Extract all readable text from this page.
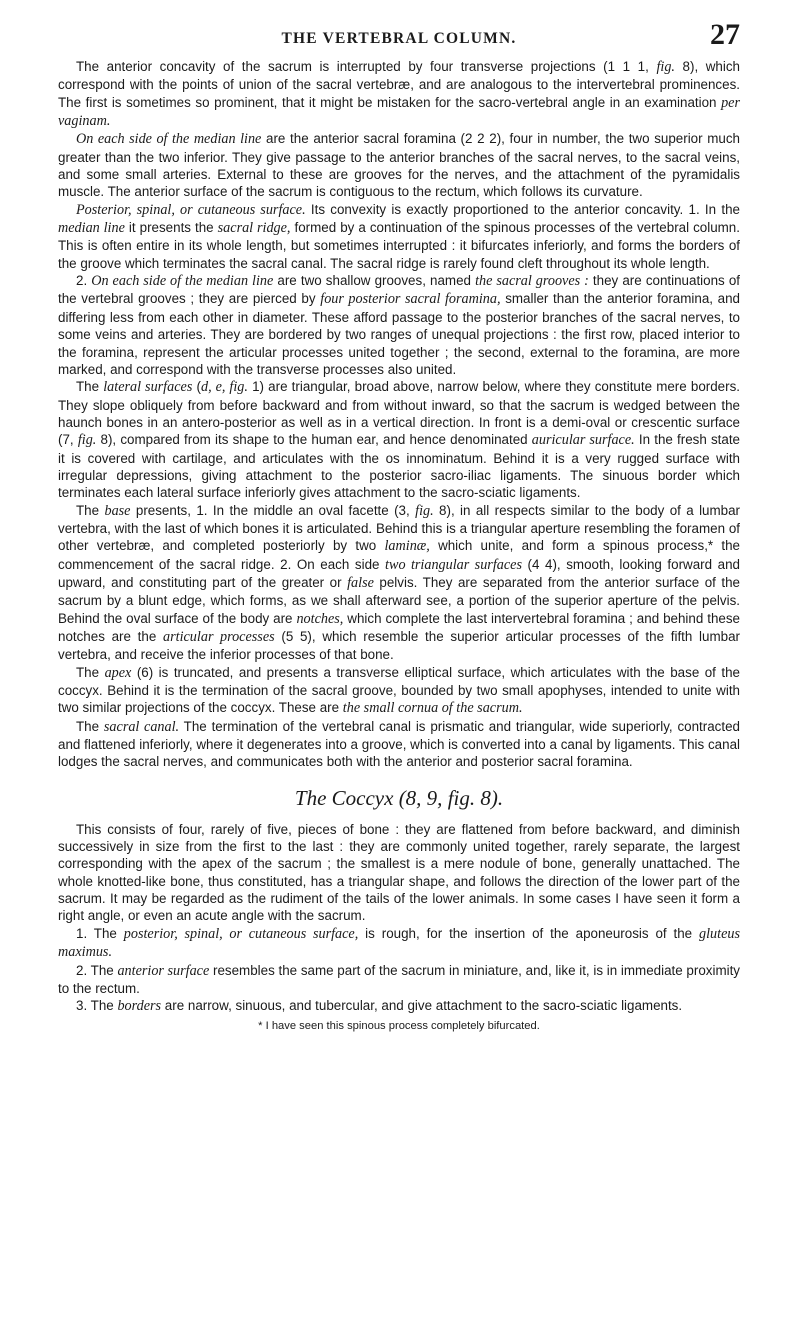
THE VERTEBRAL COLUMN.	27

The anterior concavity of the sacrum is interrupted by four transverse projections (1 1 1, fig. 8), which correspond with the points of union of the sacral vertebræ, and are analogous to the intervertebral prominences. The first is sometimes so prominent, that it might be mistaken for the sacro-vertebral angle in an examination per vaginam.

On each side of the median line are the anterior sacral foramina (2 2 2), four in number, the two superior much greater than the two inferior. They give passage to the anterior branches of the sacral nerves, to the sacral veins, and some small arteries. External to these are grooves for the nerves, and the attachment of the pyramidalis muscle. The anterior surface of the sacrum is contiguous to the rectum, which follows its curvature.

Posterior, spinal, or cutaneous surface. Its convexity is exactly proportioned to the anterior concavity. 1. In the median line it presents the sacral ridge, formed by a continuation of the spinous processes of the vertebral column. This is often entire in its whole length, but sometimes interrupted : it bifurcates inferiorly, and forms the borders of the groove which terminates the sacral canal. The sacral ridge is rarely found cleft throughout its whole length.

2. On each side of the median line are two shallow grooves, named the sacral grooves : they are continuations of the vertebral grooves ; they are pierced by four posterior sacral foramina, smaller than the anterior foramina, and differing less from each other in diameter. These afford passage to the posterior branches of the sacral nerves, to some veins and arteries. They are bordered by two ranges of unequal projections : the first row, placed interior to the foramina, represent the articular processes united together ; the second, external to the foramina, are more marked, and correspond with the transverse processes also united.

The lateral surfaces (d, e, fig. 1) are triangular, broad above, narrow below, where they constitute mere borders. They slope obliquely from before backward and from without inward, so that the sacrum is wedged between the haunch bones in an antero-posterior as well as in a vertical direction. In front is a demi-oval or crescentic surface (7, fig. 8), compared from its shape to the human ear, and hence denominated auricular surface. In the fresh state it is covered with cartilage, and articulates with the os innominatum. Behind it is a very rugged surface with irregular depressions, giving attachment to the posterior sacro-iliac ligaments. The sinuous border which terminates each lateral surface inferiorly gives attachment to the sacro-sciatic ligaments.

The base presents, 1. In the middle an oval facette (3, fig. 8), in all respects similar to the body of a lumbar vertebra, with the last of which bones it is articulated. Behind this is a triangular aperture resembling the foramen of other vertebræ, and completed posteriorly by two laminæ, which unite, and form a spinous process,* the commencement of the sacral ridge. 2. On each side two triangular surfaces (4 4), smooth, looking forward and upward, and constituting part of the greater or false pelvis. They are separated from the anterior surface of the sacrum by a blunt edge, which forms, as we shall afterward see, a portion of the superior aperture of the pelvis. Behind the oval surface of the body are notches, which complete the last intervertebral foramina ; and behind these notches are the articular processes (5 5), which resemble the superior articular processes of the fifth lumbar vertebra, and receive the inferior processes of that bone.

The apex (6) is truncated, and presents a transverse elliptical surface, which articulates with the base of the coccyx. Behind it is the termination of the sacral groove, bounded by two small apophyses, intended to unite with two similar projections of the coccyx. These are the small cornua of the sacrum.

The sacral canal. The termination of the vertebral canal is prismatic and triangular, wide superiorly, contracted and flattened inferiorly, where it degenerates into a groove, which is converted into a canal by ligaments. This canal lodges the sacral nerves, and communicates both with the anterior and posterior sacral foramina.

The Coccyx (8, 9, fig. 8).

This consists of four, rarely of five, pieces of bone : they are flattened from before backward, and diminish successively in size from the first to the last : they are commonly united together, rarely separate, the largest corresponding with the apex of the sacrum ; the smallest is a mere nodule of bone, generally unattached. The whole knotted-like bone, thus constituted, has a triangular shape, and follows the direction of the lower part of the sacrum. It may be regarded as the rudiment of the tails of the lower animals. In some cases I have seen it form a right angle, or even an acute angle with the sacrum.

1. The posterior, spinal, or cutaneous surface, is rough, for the insertion of the aponeurosis of the gluteus maximus.

2. The anterior surface resembles the same part of the sacrum in miniature, and, like it, is in immediate proximity to the rectum.

3. The borders are narrow, sinuous, and tubercular, and give attachment to the sacro-sciatic ligaments.

* I have seen this spinous process completely bifurcated.
